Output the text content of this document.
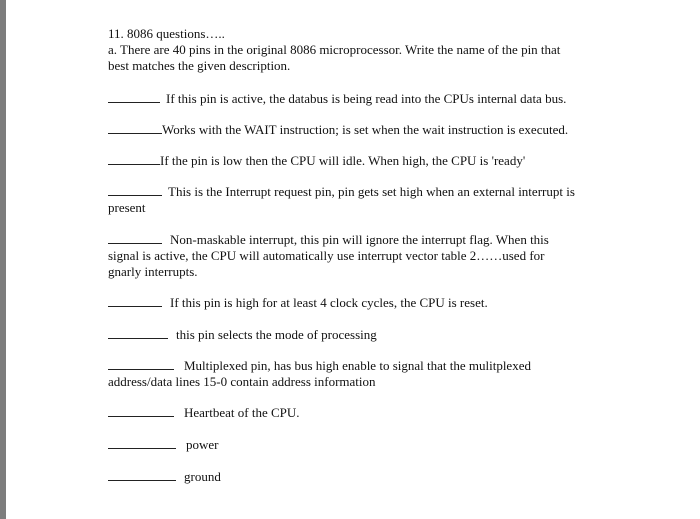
11. 8086 questions…..

a. There are 40 pins in the original 8086 microprocessor. Write the name of the pin that

best matches the given description.

If this pin is active, the databus is being read into the CPUs internal data bus.
Works with the WAIT instruction; is set when the wait instruction is executed.
If the pin is low then the CPU will idle. When high, the CPU is 'ready'
This is the Interrupt request pin, pin gets set high when an external interrupt is

present

Non-maskable interrupt, this pin will ignore the interrupt flag. When this

signal is active, the CPU will automatically use interrupt vector table 2……used for

gnarly interrupts.

If this pin is high for at least 4 clock cycles, the CPU is reset.
this pin selects the mode of processing
Multiplexed pin, has bus high enable to signal that the mulitplexed

address/data lines 15-0 contain address information

Heartbeat of the CPU.
power
ground
